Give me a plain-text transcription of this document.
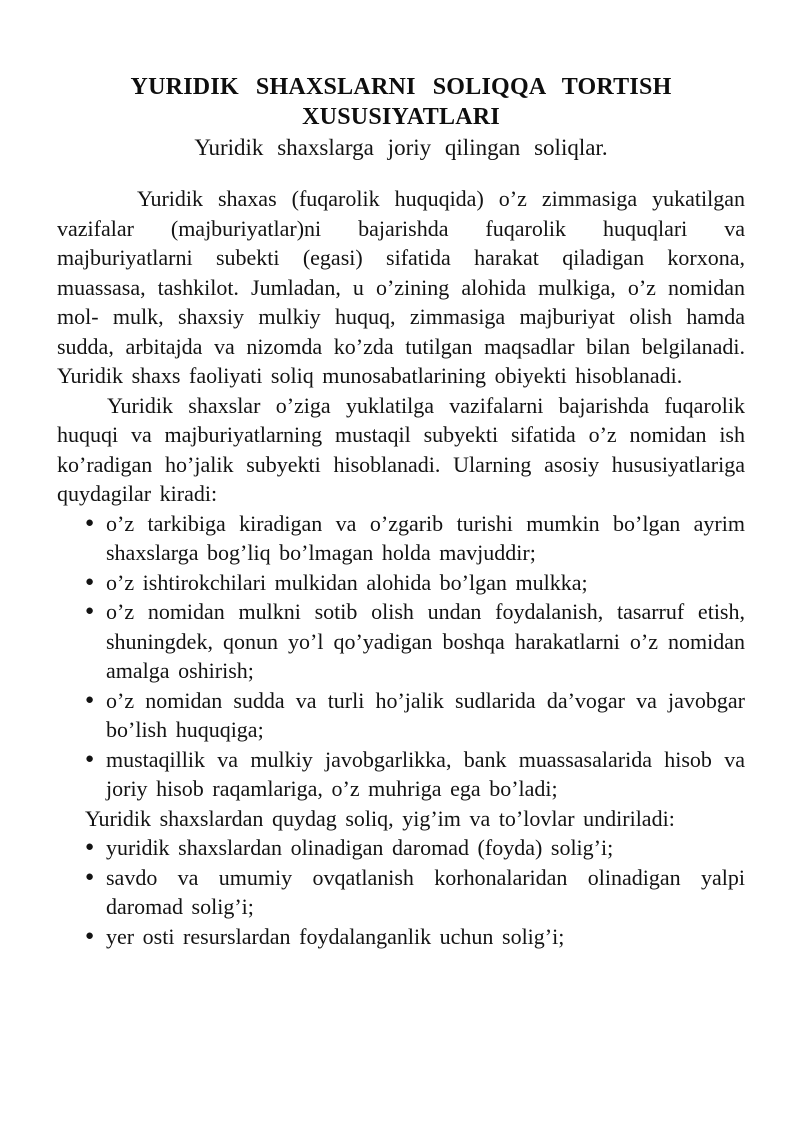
YURIDIK SHAXSLARNI SOLIQQA TORTISH XUSUSIYATLARI
Yuridik shaxslarga joriy qilingan soliqlar.

Yuridik shaxas (fuqarolik huquqida) o’z zimmasiga yukatilgan vazifalar (majburiyatlar)ni bajarishda fuqarolik huquqlari va majburiyatlarni subekti (egasi) sifatida harakat qiladigan korxona, muassasa, tashkilot. Jumladan, u o’zining alohida mulkiga, o’z nomidan mol- mulk, shaxsiy mulkiy huquq, zimmasiga majburiyat olish hamda sudda, arbitajda va nizomda ko’zda tutilgan maqsadlar bilan belgilanadi. Yuridik shaxs faoliyati soliq munosabatlarining obiyekti hisoblanadi.

Yuridik shaxslar o’ziga yuklatilga vazifalarni bajarishda fuqarolik huquqi va majburiyatlarning mustaqil subyekti sifatida o’z nomidan ish ko’radigan ho’jalik subyekti hisoblanadi. Ularning asosiy hususiyatlariga quydagilar kiradi:

● o’z tarkibiga kiradigan va o’zgarib turishi mumkin bo’lgan ayrim shaxslarga bog’liq bo’lmagan holda mavjuddir;
● o’z ishtirokchilari mulkidan alohida bo’lgan mulkka;
● o’z nomidan mulkni sotib olish undan foydalanish, tasarruf etish, shuningdek, qonun yo’l qo’yadigan boshqa harakatlarni o’z nomidan amalga oshirish;
● o’z nomidan sudda va turli ho’jalik sudlarida da’vogar va javobgar bo’lish huquqiga;
● mustaqillik va mulkiy javobgarlikka, bank muassasalarida hisob va joriy hisob raqamlariga, o’z muhriga ega bo’ladi;

Yuridik shaxslardan quydag soliq, yig’im va to’lovlar undiriladi:

● yuridik shaxslardan olinadigan daromad (foyda) solig’i;
● savdo va umumiy ovqatlanish korhonalaridan olinadigan yalpi daromad solig’i;
● yer osti resurslardan foydalanganlik uchun solig’i;
